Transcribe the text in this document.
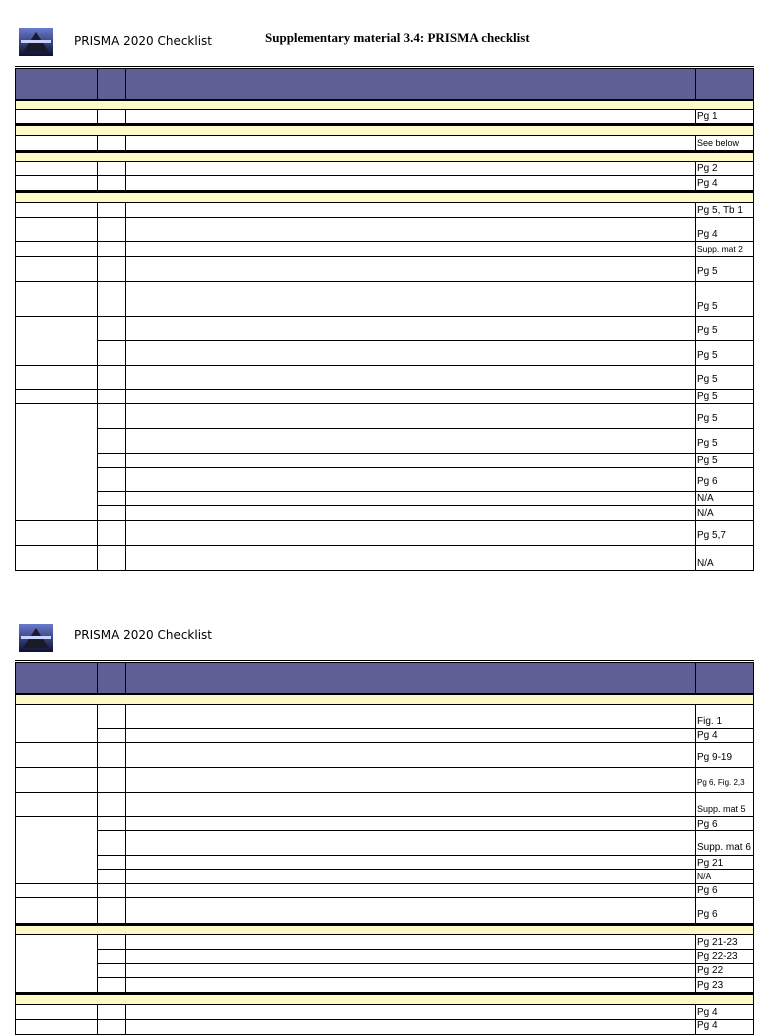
PRISMA 2020 Checklist	Supplementary material 3.4: PRISMA checklist
Pg 1
See below
Pg 2
Pg 4
Pg 5, Tb 1
Pg 4
Supp. mat 2
Pg 5
Pg 5
Pg 5
Pg 5
Pg 5
Pg 5
Pg 5
Pg 5
Pg 5
Pg 6
N/A
N/A
Pg 5,7
N/A
PRISMA 2020 Checklist
Fig. 1
Pg 4
Pg 9-19
Pg 6, Fig. 2,3
Supp. mat 5
Pg 6
Supp. mat 6
Pg 21
N/A
Pg 6
Pg 6
Pg 21-23
Pg 22-23
Pg 22
Pg 23
Pg 4
Pg 4
